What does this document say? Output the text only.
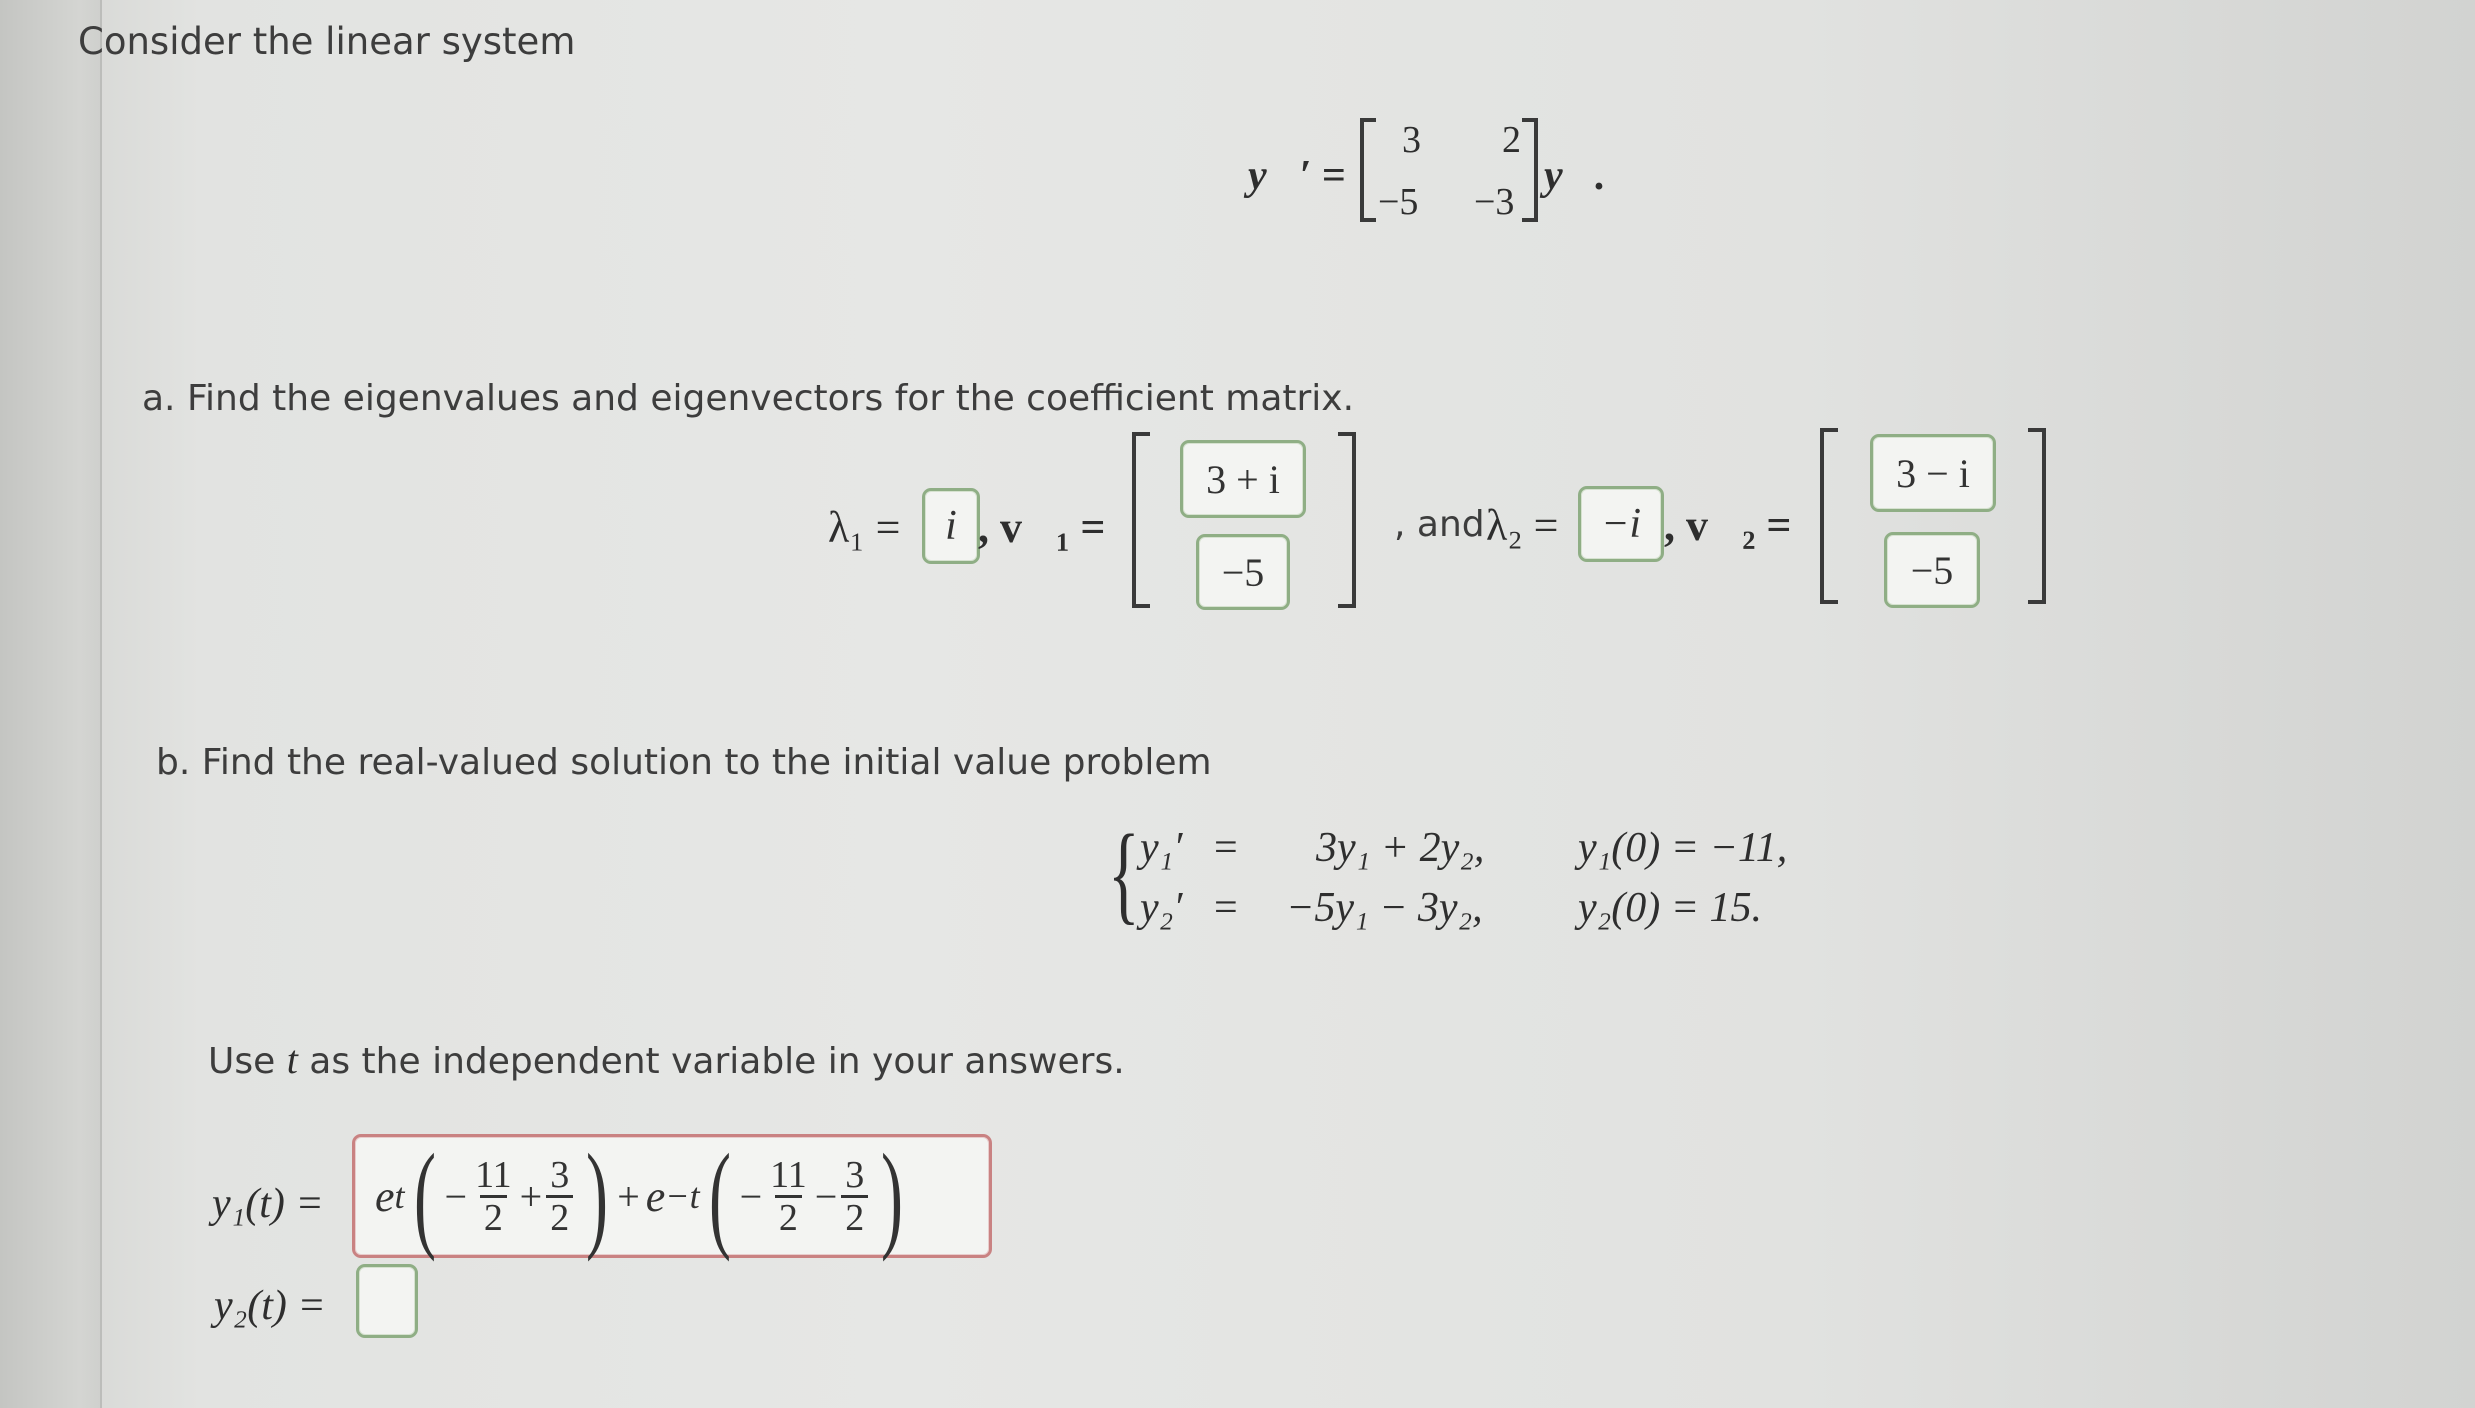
Consider the linear system
y⃗′ =
3 2
−5 −3
y⃗.
a. Find the eigenvalues and eigenvectors for the coefficient matrix.
λ₁ = i , v⃗₁ =
3 + i
−5
, and λ₂ = −i , v⃗₂ =
3 − i
−5
b. Find the real-valued solution to the initial value problem
{ y₁′ = 3y₁ + 2y₂, y₁(0) = −11,
y₂′ = −5y₁ − 3y₂, y₂(0) = 15.
Use t as the independent variable in your answers.
y₁(t) = e t ( − $\frac{11}{2} + \frac{3}{2}$ ) + e −t ( − $\frac{11}{2} - \frac{3}{2}$ )
y₂(t) =
